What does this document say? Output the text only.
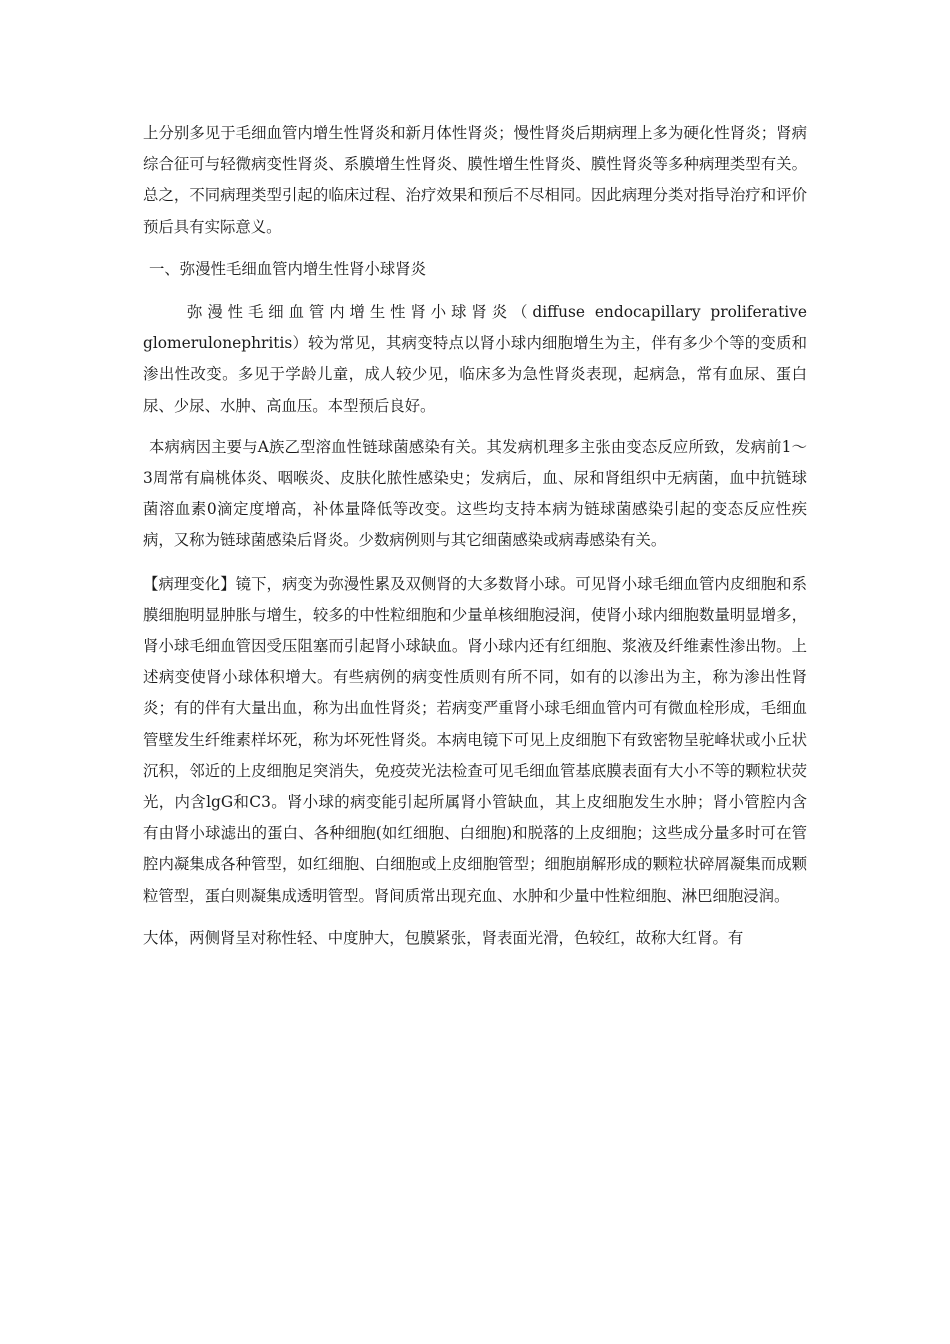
上分别多见于毛细血管内增生性肾炎和新月体性肾炎；慢性肾炎后期病理上多为硬化性肾炎；肾病综合征可与轻微病变性肾炎、系膜增生性肾炎、膜性增生性肾炎、膜性肾炎等多种病理类型有关。总之，不同病理类型引起的临床过程、治疗效果和预后不尽相同。因此病理分类对指导治疗和评价预后具有实际意义。

一、弥漫性毛细血管内增生性肾小球肾炎

弥漫性毛细血管内增生性肾小球肾炎（diffuse endocapillary proliferative glomerulonephritis）较为常见，其病变特点以肾小球内细胞增生为主，伴有多少个等的变质和渗出性改变。多见于学龄儿童，成人较少见，临床多为急性肾炎表现，起病急，常有血尿、蛋白尿、少尿、水肿、高血压。本型预后良好。

本病病因主要与A族乙型溶血性链球菌感染有关。其发病机理多主张由变态反应所致，发病前1～3周常有扁桃体炎、咽喉炎、皮肤化脓性感染史；发病后，血、尿和肾组织中无病菌，血中抗链球菌溶血素0滴定度增高，补体量降低等改变。这些均支持本病为链球菌感染引起的变态反应性疾病，又称为链球菌感染后肾炎。少数病例则与其它细菌感染或病毒感染有关。

【病理变化】镜下，病变为弥漫性累及双侧肾的大多数肾小球。可见肾小球毛细血管内皮细胞和系膜细胞明显肿胀与增生，较多的中性粒细胞和少量单核细胞浸润，使肾小球内细胞数量明显增多，肾小球毛细血管因受压阻塞而引起肾小球缺血。肾小球内还有红细胞、浆液及纤维素性渗出物。上述病变使肾小球体积增大。有些病例的病变性质则有所不同，如有的以渗出为主，称为渗出性肾炎；有的伴有大量出血，称为出血性肾炎；若病变严重肾小球毛细血管内可有微血栓形成，毛细血管壁发生纤维素样坏死，称为坏死性肾炎。本病电镜下可见上皮细胞下有致密物呈驼峰状或小丘状沉积，邻近的上皮细胞足突消失，免疫荧光法检查可见毛细血管基底膜表面有大小不等的颗粒状荧光，内含lgG和C3。肾小球的病变能引起所属肾小管缺血，其上皮细胞发生水肿；肾小管腔内含有由肾小球滤出的蛋白、各种细胞(如红细胞、白细胞)和脱落的上皮细胞；这些成分量多时可在管腔内凝集成各种管型，如红细胞、白细胞或上皮细胞管型；细胞崩解形成的颗粒状碎屑凝集而成颗粒管型，蛋白则凝集成透明管型。肾间质常出现充血、水肿和少量中性粒细胞、淋巴细胞浸润。

大体，两侧肾呈对称性轻、中度肿大，包膜紧张，肾表面光滑，色较红，故称大红肾。有
